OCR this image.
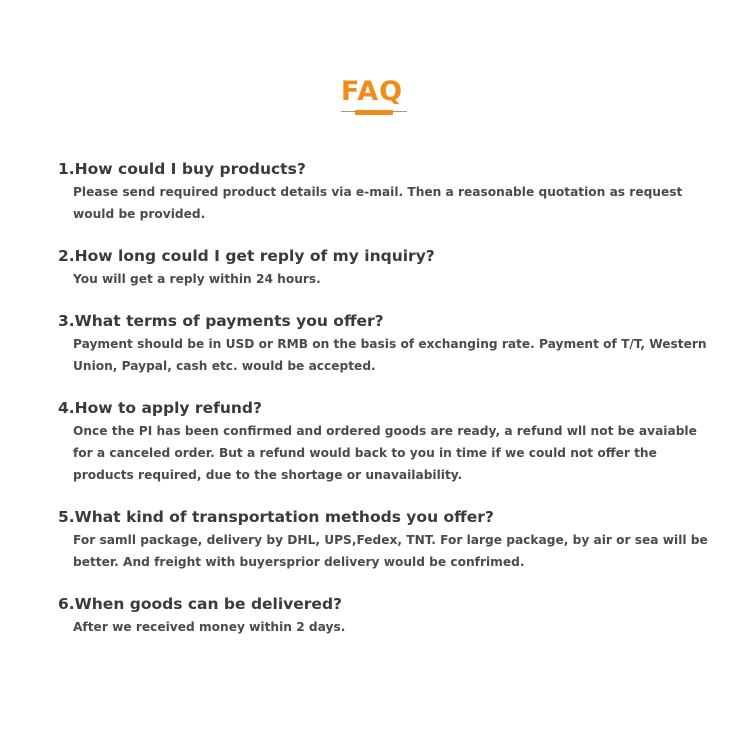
FAQ
1.How could I buy products?
Please send required product details via e-mail. Then a reasonable quotation as request
would be provided.
2.How long could I get reply of my inquiry?
You will get a reply within 24 hours.
3.What terms of payments you offer?
Payment should be in USD or RMB on the basis of exchanging rate. Payment of T/T, Western
Union, Paypal, cash etc. would be accepted.
4.How to apply refund?
Once the PI has been confirmed and ordered goods are ready, a refund wll not be avaiable
for a canceled order. But a refund would back to you in time if we could not offer the
products required, due to the shortage or unavailability.
5.What kind of transportation methods you offer?
For samll package, delivery by DHL, UPS,Fedex, TNT. For large package, by air or sea will be
better. And freight with buyersprior delivery would be confrimed.
6.When goods can be delivered?
After we received money within 2 days.
